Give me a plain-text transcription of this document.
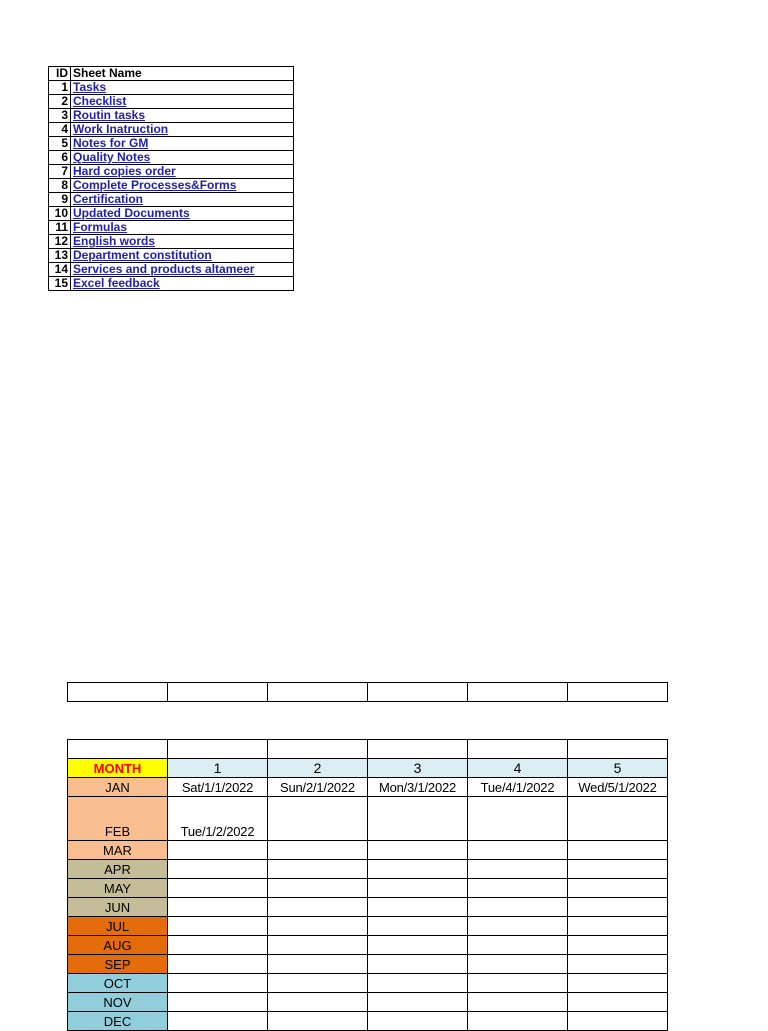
ID	Sheet Name
1	Tasks
2	Checklist
3	Routin tasks
4	Work Inatruction
5	Notes for GM
6	Quality Notes
7	Hard copies order
8	Complete Processes&Forms
9	Certification
10	Updated Documents
11	Formulas
12	English words
13	Department constitution
14	Services and products altameer
15	Excel feedback

MONTH	1	2	3	4	5
JAN	Sat/1/1/2022	Sun/2/1/2022	Mon/3/1/2022	Tue/4/1/2022	Wed/5/1/2022
FEB	Tue/1/2/2022				
MAR					
APR					
MAY					
JUN					
JUL					
AUG					
SEP					
OCT					
NOV					
DEC					
